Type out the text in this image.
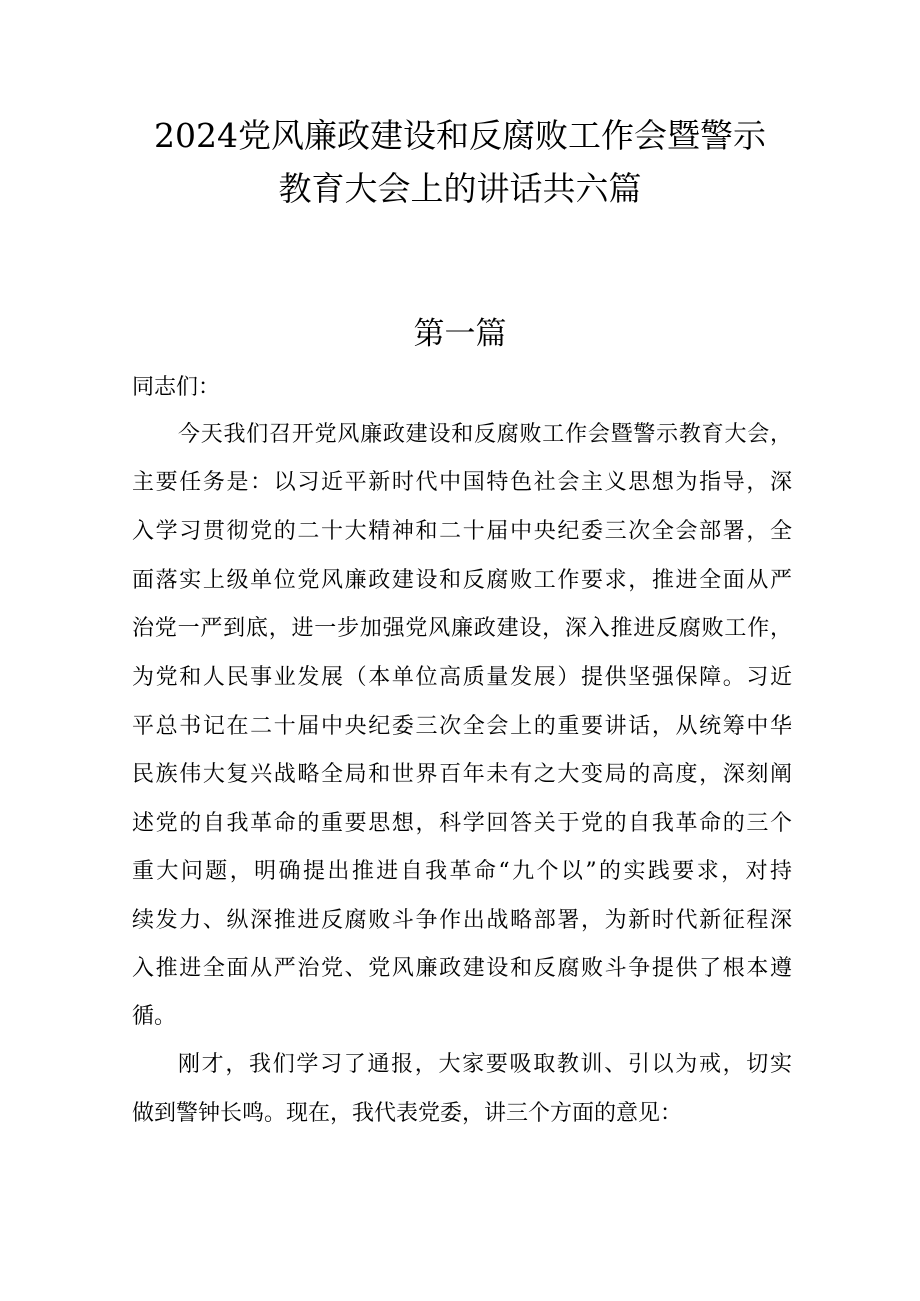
2024党风廉政建设和反腐败工作会暨警示
教育大会上的讲话共六篇
第一篇

同志们：

今天我们召开党风廉政建设和反腐败工作会暨警示教育大会，

主要任务是：以习近平新时代中国特色社会主义思想为指导，深

入学习贯彻党的二十大精神和二十届中央纪委三次全会部署，全

面落实上级单位党风廉政建设和反腐败工作要求，推进全面从严

治党一严到底，进一步加强党风廉政建设，深入推进反腐败工作，

为党和人民事业发展（本单位高质量发展）提供坚强保障。习近

平总书记在二十届中央纪委三次全会上的重要讲话，从统筹中华

民族伟大复兴战略全局和世界百年未有之大变局的高度，深刻阐

述党的自我革命的重要思想，科学回答关于党的自我革命的三个

重大问题，明确提出推进自我革命“九个以”的实践要求，对持

续发力、纵深推进反腐败斗争作出战略部署，为新时代新征程深

入推进全面从严治党、党风廉政建设和反腐败斗争提供了根本遵

循。

刚才，我们学习了通报，大家要吸取教训、引以为戒，切实

做到警钟长鸣。现在，我代表党委，讲三个方面的意见：
